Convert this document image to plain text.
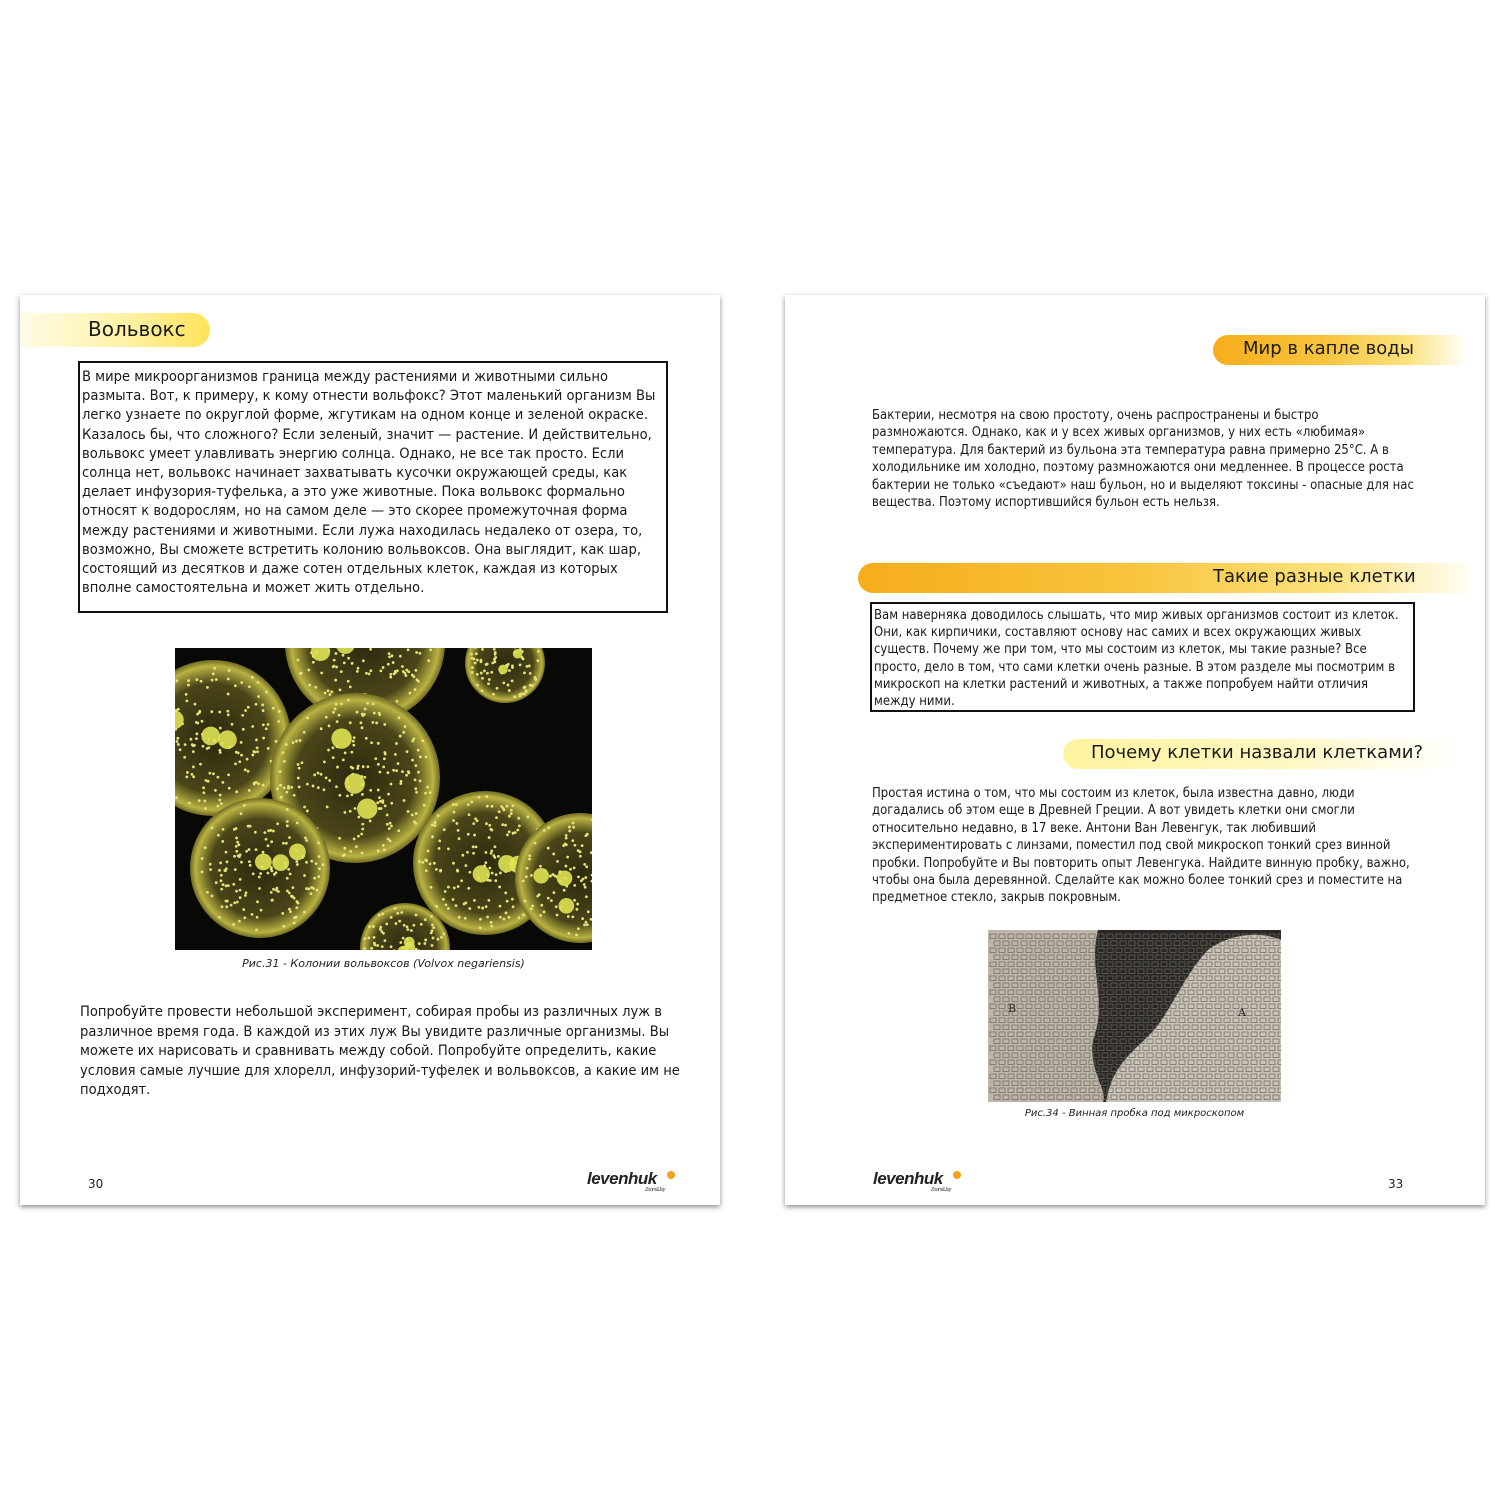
Вольвокс

В мире микроорганизмов граница между растениями и животными сильно размыта. Вот, к примеру, к кому отнести вольфокс? Этот маленький организм Вы легко узнаете по округлой форме, жгутикам на одном конце и зеленой окраске. Казалось бы, что сложного? Если зеленый, значит — растение. И действительно, вольвокс умеет улавливать энергию солнца. Однако, не все так просто. Если солнца нет, вольвокс начинает захватывать кусочки окружающей среды, как делает инфузория-туфелька, а это уже животные. Пока вольвокс формально относят к водорослям, но на самом деле — это скорее промежуточная форма между растениями и животными. Если лужа находилась недалеко от озера, то, возможно, Вы сможете встретить колонию вольвоксов. Она выглядит, как шар, состоящий из десятков и даже сотен отдельных клеток, каждая из которых вполне самостоятельна и может жить отдельно.

Рис.31 - Колонии вольвоксов (Volvox negariensis)
Попробуйте провести небольшой эксперимент, собирая пробы из различных луж в различное время года. В каждой из этих луж Вы увидите различные организмы. Вы можете их нарисовать и сравнивать между собой. Попробуйте определить, какие условия самые лучшие для хлорелл, инфузорий-туфелек и вольвоксов, а какие им не подходят.
30	levenhuk
Zoom&Joy
Мир в капле воды
Бактерии, несмотря на свою простоту, очень распространены и быстро размножаются. Однако, как и у всех живых организмов, у них есть «любимая» температура. Для бактерий из бульона эта температура равна примерно 25°С. А в холодильнике им холодно, поэтому размножаются они медленнее. В процессе роста бактерии не только «съедают» наш бульон, но и выделяют токсины - опасные для нас вещества. Поэтому испортившийся бульон есть нельзя.
Такие разные клетки

Вам наверняка доводилось слышать, что мир живых организмов состоит из клеток. Они, как кирпичики, составляют основу нас самих и всех окружающих живых существ. Почему же при том, что мы состоим из клеток, мы такие разные? Все просто, дело в том, что сами клетки очень разные. В этом разделе мы посмотрим в микроскоп на клетки растений и животных, а также попробуем найти отличия между ними.

Почему клетки назвали клетками?
Простая истина о том, что мы состоим из клеток, была известна давно, люди догадались об этом еще в Древней Греции. А вот увидеть клетки они смогли относительно недавно, в 17 веке. Антони Ван Левенгук, так любивший экспериментировать с линзами, поместил под свой микроскоп тонкий срез винной пробки. Попробуйте и Вы повторить опыт Левенгука. Найдите винную пробку, важно, чтобы она была деревянной. Сделайте как можно более тонкий срез и поместите на предметное стекло, закрыв покровным.
B	A
Рис.34 - Винная пробка под микроскопом
levenhuk
Zoom&Joy	33
